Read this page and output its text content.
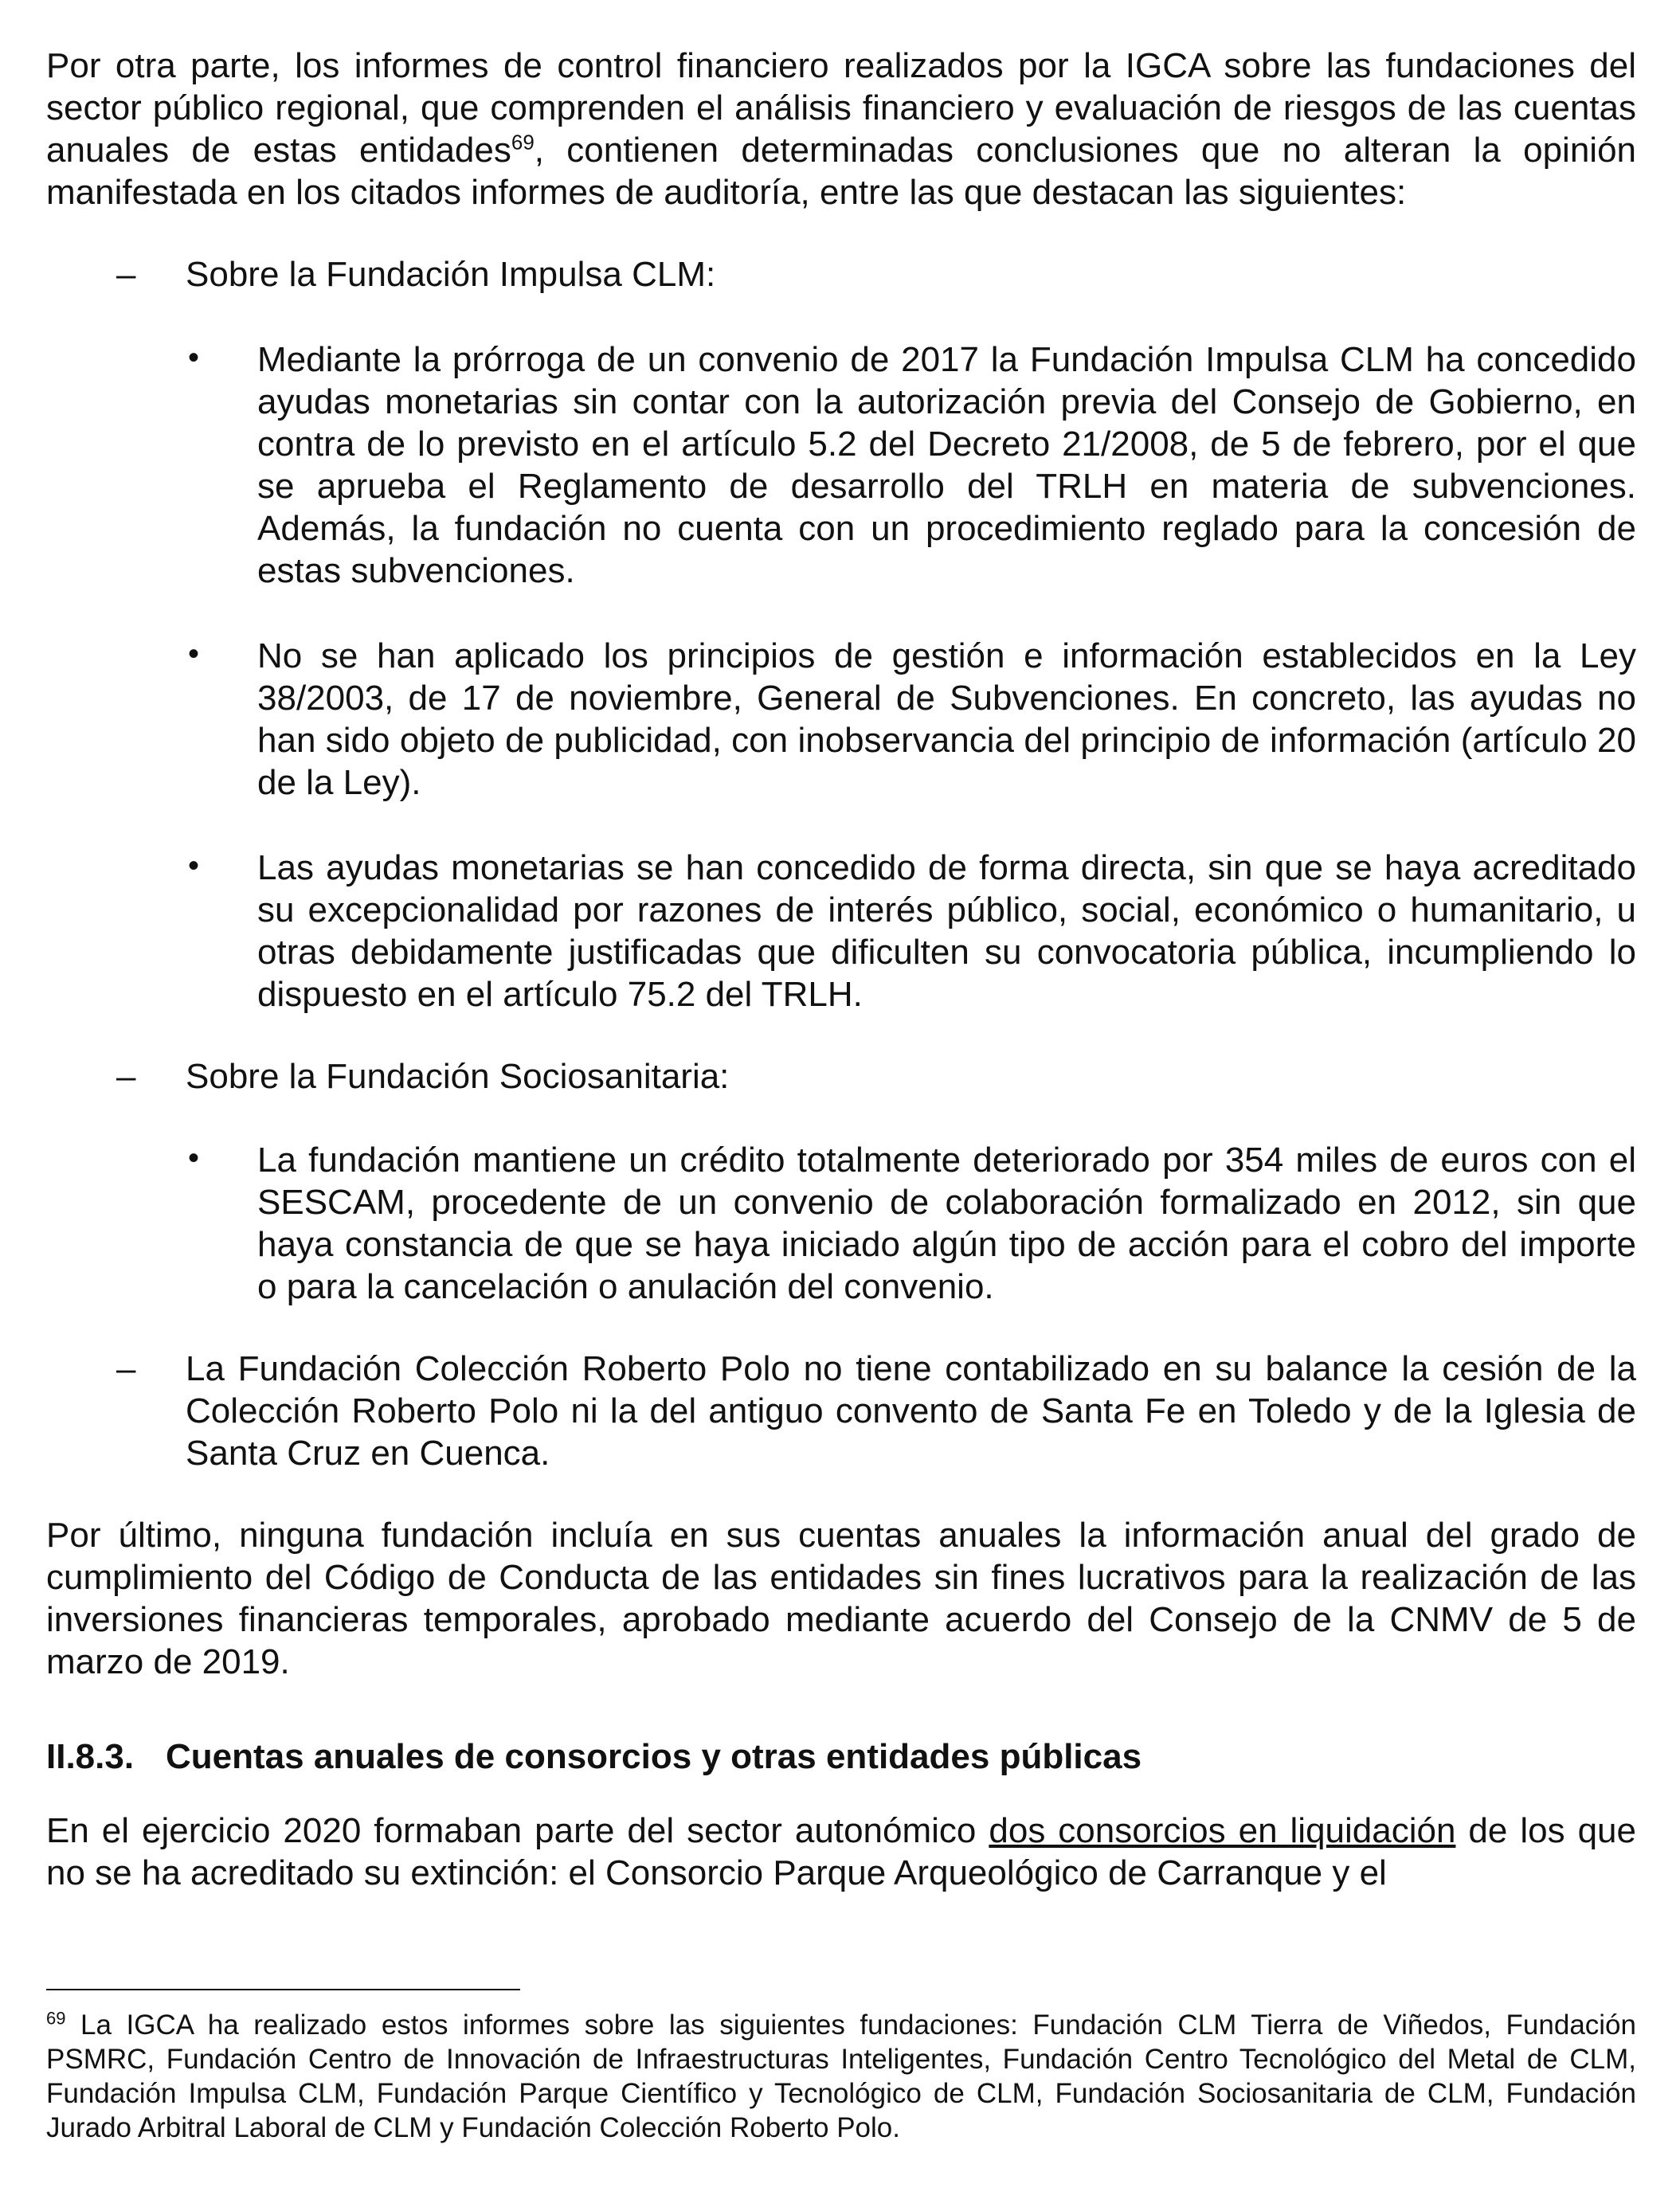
Por otra parte, los informes de control financiero realizados por la IGCA sobre las fundaciones del sector público regional, que comprenden el análisis financiero y evaluación de riesgos de las cuentas anuales de estas entidades$^{69}$, contienen determinadas conclusiones que no alteran la opinión manifestada en los citados informes de auditoría, entre las que destacan las siguientes:

– Sobre la Fundación Impulsa CLM:

• Mediante la prórroga de un convenio de 2017 la Fundación Impulsa CLM ha concedido ayudas monetarias sin contar con la autorización previa del Consejo de Gobierno, en contra de lo previsto en el artículo 5.2 del Decreto 21/2008, de 5 de febrero, por el que se aprueba el Reglamento de desarrollo del TRLH en materia de subvenciones. Además, la fundación no cuenta con un procedimiento reglado para la concesión de estas subvenciones.

• No se han aplicado los principios de gestión e información establecidos en la Ley 38/2003, de 17 de noviembre, General de Subvenciones. En concreto, las ayudas no han sido objeto de publicidad, con inobservancia del principio de información (artículo 20 de la Ley).

• Las ayudas monetarias se han concedido de forma directa, sin que se haya acreditado su excepcionalidad por razones de interés público, social, económico o humanitario, u otras debidamente justificadas que dificulten su convocatoria pública, incumpliendo lo dispuesto en el artículo 75.2 del TRLH.

– Sobre la Fundación Sociosanitaria:

• La fundación mantiene un crédito totalmente deteriorado por 354 miles de euros con el SESCAM, procedente de un convenio de colaboración formalizado en 2012, sin que haya constancia de que se haya iniciado algún tipo de acción para el cobro del importe o para la cancelación o anulación del convenio.

– La Fundación Colección Roberto Polo no tiene contabilizado en su balance la cesión de la Colección Roberto Polo ni la del antiguo convento de Santa Fe en Toledo y de la Iglesia de Santa Cruz en Cuenca.

Por último, ninguna fundación incluía en sus cuentas anuales la información anual del grado de cumplimiento del Código de Conducta de las entidades sin fines lucrativos para la realización de las inversiones financieras temporales, aprobado mediante acuerdo del Consejo de la CNMV de 5 de marzo de 2019.

II.8.3. Cuentas anuales de consorcios y otras entidades públicas

En el ejercicio 2020 formaban parte del sector autonómico dos consorcios en liquidación de los que no se ha acreditado su extinción: el Consorcio Parque Arqueológico de Carranque y el

$^{69}$ La IGCA ha realizado estos informes sobre las siguientes fundaciones: Fundación CLM Tierra de Viñedos, Fundación PSMRC, Fundación Centro de Innovación de Infraestructuras Inteligentes, Fundación Centro Tecnológico del Metal de CLM, Fundación Impulsa CLM, Fundación Parque Científico y Tecnológico de CLM, Fundación Sociosanitaria de CLM, Fundación Jurado Arbitral Laboral de CLM y Fundación Colección Roberto Polo.
